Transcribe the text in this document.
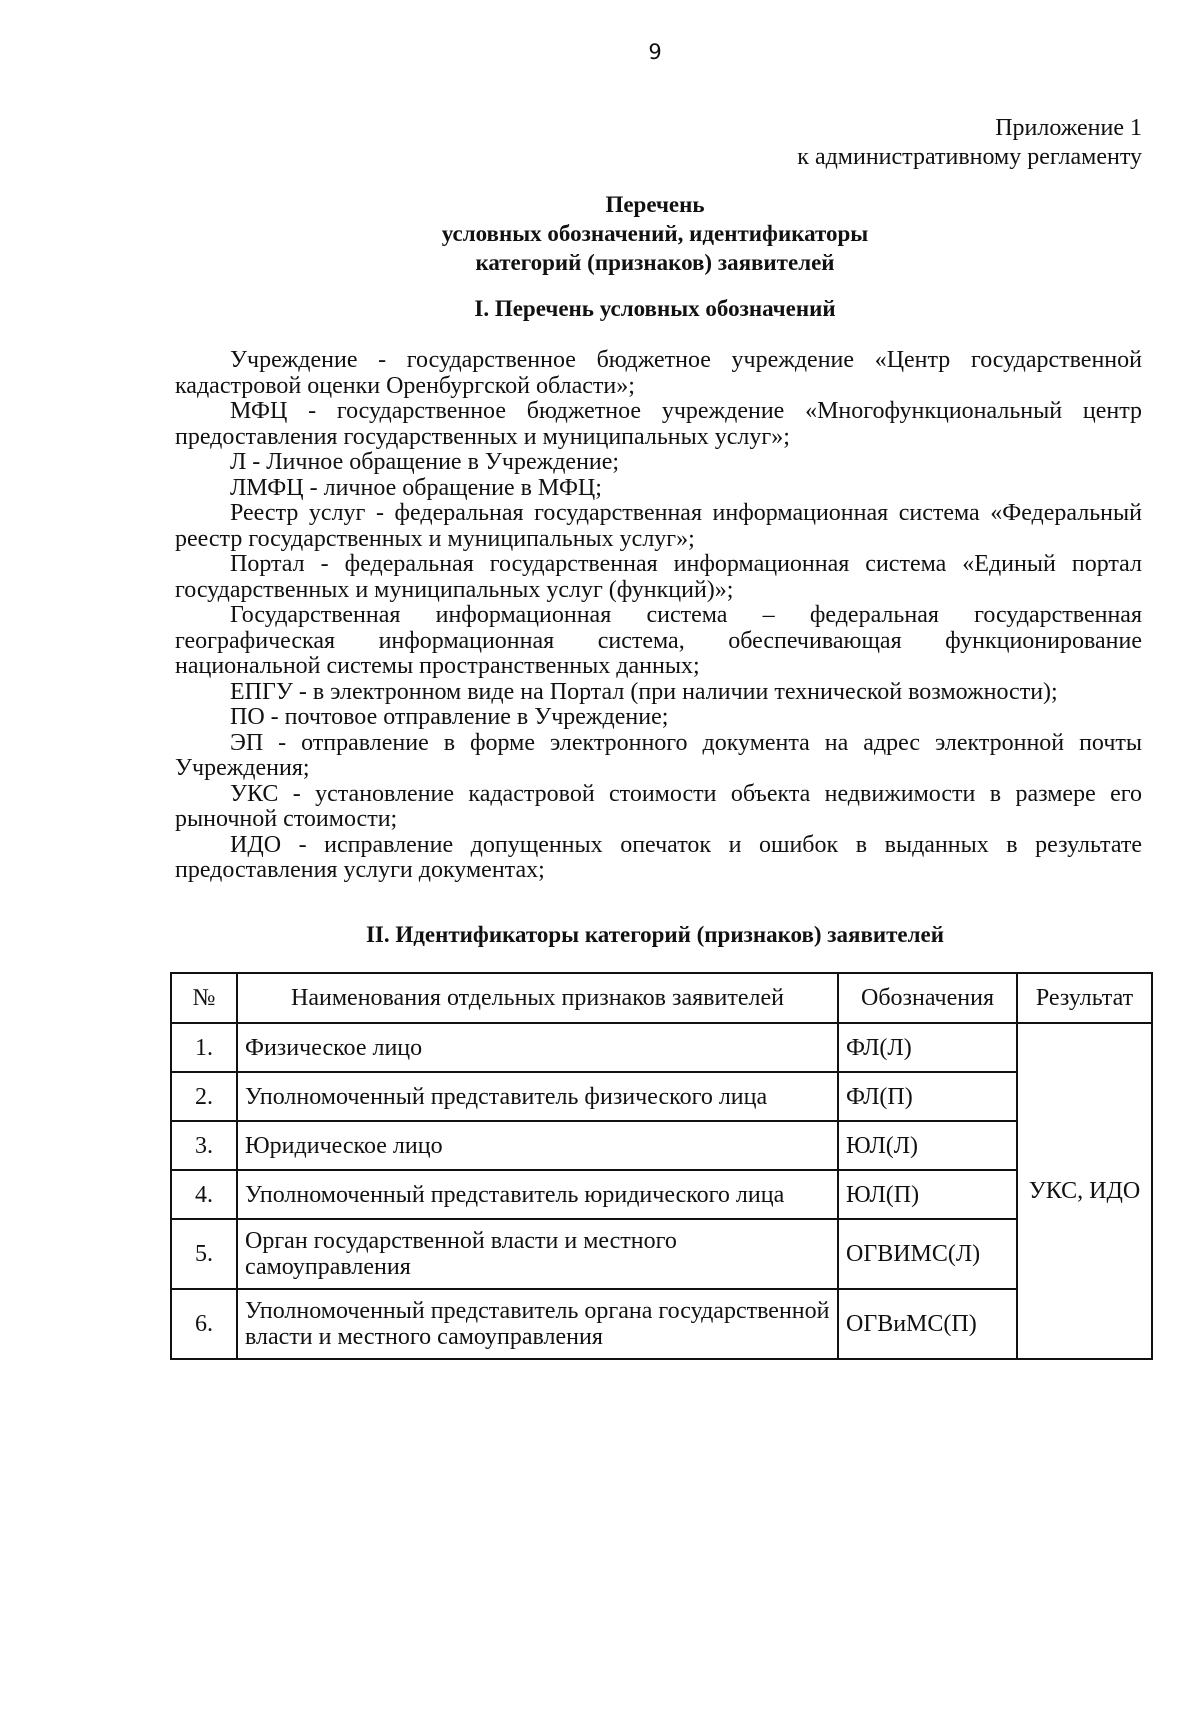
9
Приложение 1
к административному регламенту
Перечень
условных обозначений, идентификаторы
категорий (признаков) заявителей
I. Перечень условных обозначений

Учреждение - государственное бюджетное учреждение «Центр государственной кадастровой оценки Оренбургской области»;

МФЦ - государственное бюджетное учреждение «Многофункциональный центр предоставления государственных и муниципальных услуг»;

Л - Личное обращение в Учреждение;

ЛМФЦ - личное обращение в МФЦ;

Реестр услуг - федеральная государственная информационная система «Федеральный реестр государственных и муниципальных услуг»;

Портал - федеральная государственная информационная система «Единый портал государственных и муниципальных услуг (функций)»;

Государственная информационная система – федеральная государственная географическая информационная система, обеспечивающая функционирование национальной системы пространственных данных;

ЕПГУ - в электронном виде на Портал (при наличии технической возможности);

ПО - почтовое отправление в Учреждение;

ЭП - отправление в форме электронного документа на адрес электронной почты Учреждения;

УКС - установление кадастровой стоимости объекта недвижимости в размере его рыночной стоимости;

ИДО - исправление допущенных опечаток и ошибок в выданных в результате предоставления услуги документах;

II. Идентификаторы категорий (признаков) заявителей
№	Наименования отдельных признаков заявителей	Обозначения	Результат
1.	Физическое лицо	ФЛ(Л)	УКС, ИДО
2.	Уполномоченный представитель физического лица	ФЛ(П)	
3.	Юридическое лицо	ЮЛ(Л)	
4.	Уполномоченный представитель юридического лица	ЮЛ(П)	
5.	Орган государственной власти и местного самоуправления	ОГВИМС(Л)	
6.	Уполномоченный представитель органа государственной власти и местного самоуправления	ОГВиМС(П)	
